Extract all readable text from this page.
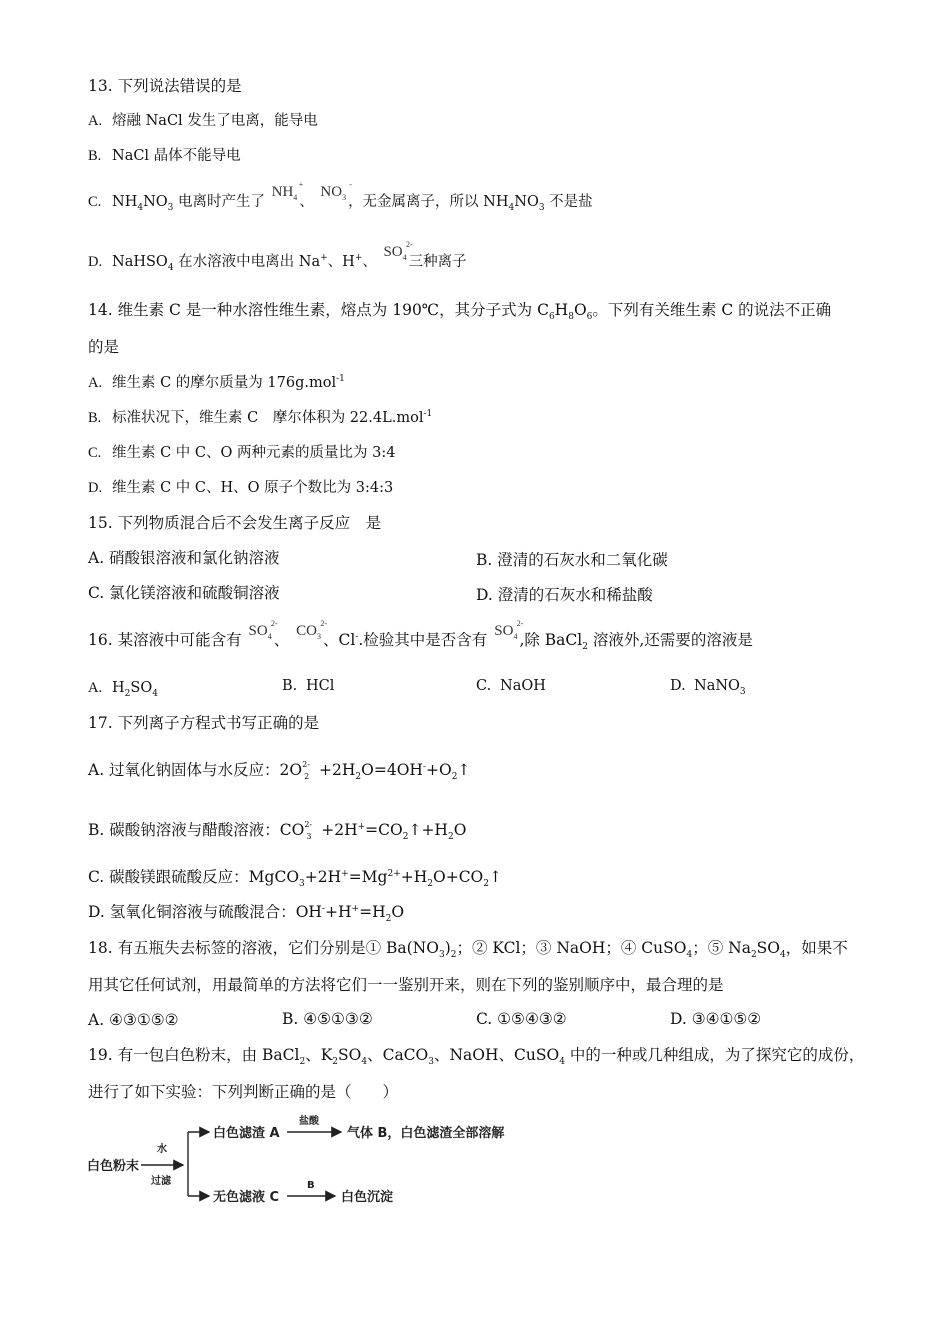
13. 下列说法错误的是
A. 熔融 NaCl 发生了电离，能导电
B. NaCl 晶体不能导电
C. $NH_4NO_3$ 电离时产生了 $NH_4$
+
、 $NO_3$
-
，无金属离子，所以 $NH_4NO_3$ 不是盐
D. NaHSO$_4$ 在水溶液中电离出 Na+、H+、 $SO_4$
2-
三种离子
14. 维生素 C 是一种水溶性维生素，熔点为 190℃，其分子式为 $C_6H_8O_6$。下列有关维生素 C 的说法不正确
的是
A. 维生素 C 的摩尔质量为 176g.mol$^{-1}$
B. 标准状况下，维生素 C　摩尔体积为 22.4L.mol$^{-1}$
C. 维生素 C 中 C、O 两种元素的质量比为 3:4
D. 维生素 C 中 C、H、O 原子个数比为 3:4:3
15. 下列物质混合后不会发生离子反应　是
A. 硝酸银溶液和氯化钠溶液	B. 澄清的石灰水和二氧化碳
C. 氯化镁溶液和硫酸铜溶液	D. 澄清的石灰水和稀盐酸
16. 某溶液中可能含有 $SO_4$
2-
、 $CO_3$
2-
、Cl-.检验其中是否含有 $SO_4$
2-
,除 BaCl$_2$ 溶液外,还需要的溶液是
A. $H_2SO_4$	B. HCl	C. NaOH	D. NaNO$_3$
17. 下列离子方程式书写正确的是
A. 过氧化钠固体与水反应：2O 2-
$2 +2H_2O=4OH^-+O_2↑$
B. 碳酸钠溶液与醋酸溶液：CO 2-
$3 +2H^+=CO_2↑+H_2O$
C. 碳酸镁跟硫酸反应：$MgCO_3+2H^+=Mg^{2+}+H_2O+CO_2↑$
D. 氢氧化铜溶液与硫酸混合：$OH^-+H^+=H_2O$
18. 有五瓶失去标签的溶液，它们分别是① $Ba(NO_3)_2$；② KCl；③ NaOH；④ CuSO$_4$；⑤ $Na_2SO_4$，如果不
用其它任何试剂，用最简单的方法将它们一一鉴别开来，则在下列的鉴别顺序中，最合理的是
A. ④③①⑤②	B. ④⑤①③②	C. ①⑤④③②	D. ③④①⑤②
19. 有一包白色粉末，由 BaCl$_2$、$K_2SO_4$、CaCO$_3$、NaOH、CuSO$_4$ 中的一种或几种组成，为了探究它的成份，
进行了如下实验：下列判断正确的是（　　）
白色粉末
水
过滤
白色滤渣 A
盐酸
气体 B，白色滤渣全部溶解
无色滤液 C
B
白色沉淀
